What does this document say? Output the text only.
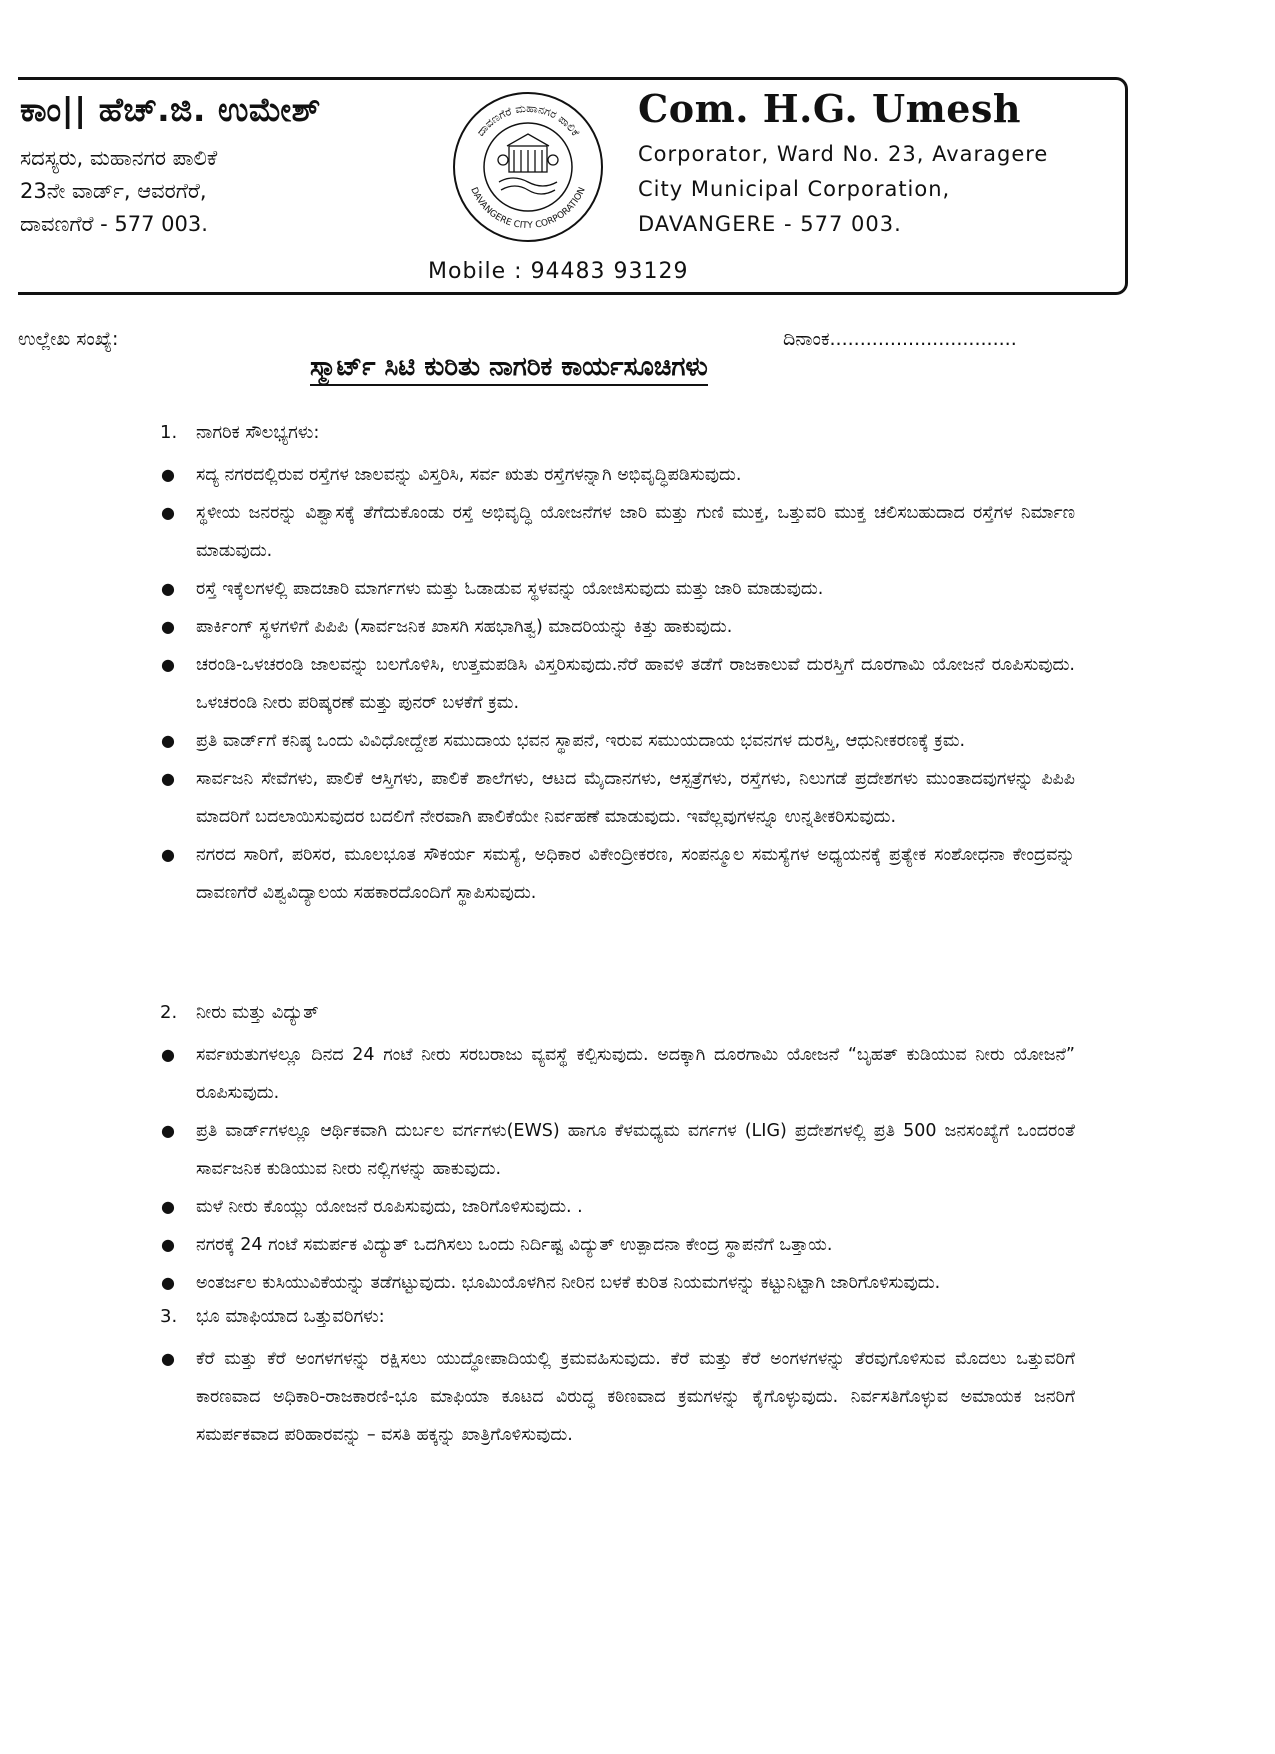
ಕಾಂ|| ಹೆಚ್.ಜಿ. ಉಮೇಶ್
ಸದಸ್ಯರು, ಮಹಾನಗರ ಪಾಲಿಕೆ
23ನೇ ವಾರ್ಡ್, ಆವರಗೆರೆ,
ದಾವಣಗೆರೆ - 577 003.
ದಾವಣಗೆರೆ ಮಹಾನಗರ ಪಾಲಿಕೆ
DAVANGERE CITY CORPORATION
Com. H.G. Umesh
Corporator, Ward No. 23, Avaragere
City Municipal Corporation,
DAVANGERE - 577 003.
Mobile : 94483 93129
ಉಲ್ಲೇಖ ಸಂಖ್ಯೆ:	ದಿನಾಂಕ...............................
ಸ್ಮಾರ್ಟ್ ಸಿಟಿ ಕುರಿತು ನಾಗರಿಕ ಕಾರ್ಯಸೂಚಿಗಳು
1. ನಾಗರಿಕ ಸೌಲಭ್ಯಗಳು:
● ಸದ್ಯ ನಗರದಲ್ಲಿರುವ ರಸ್ತೆಗಳ ಜಾಲವನ್ನು ವಿಸ್ತರಿಸಿ, ಸರ್ವ ಋತು ರಸ್ತೆಗಳನ್ನಾಗಿ ಅಭಿವೃದ್ಧಿಪಡಿಸುವುದು.
● ಸ್ಥಳೀಯ ಜನರನ್ನು ವಿಶ್ವಾಸಕ್ಕೆ ತೆಗೆದುಕೊಂಡು ರಸ್ತೆ ಅಭಿವೃದ್ಧಿ ಯೋಜನೆಗಳ ಜಾರಿ ಮತ್ತು ಗುಣಿ ಮುಕ್ತ, ಒತ್ತುವರಿ ಮುಕ್ತ ಚಲಿಸಬಹುದಾದ ರಸ್ತೆಗಳ ನಿರ್ಮಾಣ ಮಾಡುವುದು.
● ರಸ್ತೆ ಇಕ್ಕೆಲಗಳಲ್ಲಿ ಪಾದಚಾರಿ ಮಾರ್ಗಗಳು ಮತ್ತು ಓಡಾಡುವ ಸ್ಥಳವನ್ನು ಯೋಜಿಸುವುದು ಮತ್ತು ಜಾರಿ ಮಾಡುವುದು.
● ಪಾರ್ಕಿಂಗ್ ಸ್ಥಳಗಳಿಗೆ ಪಿಪಿಪಿ (ಸಾರ್ವಜನಿಕ ಖಾಸಗಿ ಸಹಭಾಗಿತ್ವ) ಮಾದರಿಯನ್ನು ಕಿತ್ತು ಹಾಕುವುದು.
● ಚರಂಡಿ-ಒಳಚರಂಡಿ ಜಾಲವನ್ನು ಬಲಗೊಳಿಸಿ, ಉತ್ತಮಪಡಿಸಿ ವಿಸ್ತರಿಸುವುದು.ನೆರೆ ಹಾವಳಿ ತಡೆಗೆ ರಾಜಕಾಲುವೆ ದುರಸ್ತಿಗೆ ದೂರಗಾಮಿ ಯೋಜನೆ ರೂಪಿಸುವುದು. ಒಳಚರಂಡಿ ನೀರು ಪರಿಷ್ಕರಣೆ ಮತ್ತು ಪುನರ್ ಬಳಕೆಗೆ ಕ್ರಮ.
● ಪ್ರತಿ ವಾರ್ಡ್‌ಗೆ ಕನಿಷ್ಠ ಒಂದು ವಿವಿಧೋದ್ದೇಶ ಸಮುದಾಯ ಭವನ ಸ್ಥಾಪನೆ, ಇರುವ ಸಮುಯದಾಯ ಭವನಗಳ ದುರಸ್ತಿ, ಆಧುನೀಕರಣಕ್ಕೆ ಕ್ರಮ.
● ಸಾರ್ವಜನಿ ಸೇವೆಗಳು, ಪಾಲಿಕೆ ಆಸ್ತಿಗಳು, ಪಾಲಿಕೆ ಶಾಲೆಗಳು, ಆಟದ ಮೈದಾನಗಳು, ಆಸ್ಪತ್ರೆಗಳು, ರಸ್ತೆಗಳು, ನಿಲುಗಡೆ ಪ್ರದೇಶಗಳು ಮುಂತಾದವುಗಳನ್ನು ಪಿಪಿಪಿ ಮಾದರಿಗೆ ಬದಲಾಯಿಸುವುದರ ಬದಲಿಗೆ ನೇರವಾಗಿ ಪಾಲಿಕೆಯೇ ನಿರ್ವಹಣೆ ಮಾಡುವುದು. ಇವೆಲ್ಲವುಗಳನ್ನೂ ಉನ್ನತೀಕರಿಸುವುದು.
● ನಗರದ ಸಾರಿಗೆ, ಪರಿಸರ, ಮೂಲಭೂತ ಸೌಕರ್ಯ ಸಮಸ್ಯೆ, ಅಧಿಕಾರ ವಿಕೇಂದ್ರೀಕರಣ, ಸಂಪನ್ಮೂಲ ಸಮಸ್ಯೆಗಳ ಅಧ್ಯಯನಕ್ಕೆ ಪ್ರತ್ಯೇಕ ಸಂಶೋಧನಾ ಕೇಂದ್ರವನ್ನು ದಾವಣಗೆರೆ ವಿಶ್ವವಿದ್ಯಾಲಯ ಸಹಕಾರದೊಂದಿಗೆ ಸ್ಥಾಪಿಸುವುದು.
2. ನೀರು ಮತ್ತು ವಿದ್ಯುತ್
● ಸರ್ವಋತುಗಳಲ್ಲೂ ದಿನದ 24 ಗಂಟೆ ನೀರು ಸರಬರಾಜು ವ್ಯವಸ್ಥೆ ಕಲ್ಪಿಸುವುದು. ಅದಕ್ಕಾಗಿ ದೂರಗಾಮಿ ಯೋಜನೆ “ಬೃಹತ್ ಕುಡಿಯುವ ನೀರು ಯೋಜನೆ” ರೂಪಿಸುವುದು.
● ಪ್ರತಿ ವಾರ್ಡ್‌ಗಳಲ್ಲೂ ಆರ್ಥಿಕವಾಗಿ ದುರ್ಬಲ ವರ್ಗಗಳು(EWS) ಹಾಗೂ ಕೆಳಮಧ್ಯಮ ವರ್ಗಗಳ (LIG) ಪ್ರದೇಶಗಳಲ್ಲಿ ಪ್ರತಿ 500 ಜನಸಂಖ್ಯೆಗೆ ಒಂದರಂತೆ ಸಾರ್ವಜನಿಕ ಕುಡಿಯುವ ನೀರು ನಲ್ಲಿಗಳನ್ನು ಹಾಕುವುದು.
● ಮಳೆ ನೀರು ಕೊಯ್ಲು ಯೋಜನೆ ರೂಪಿಸುವುದು, ಜಾರಿಗೊಳಿಸುವುದು. .
● ನಗರಕ್ಕೆ 24 ಗಂಟೆ ಸಮರ್ಪಕ ವಿದ್ಯುತ್ ಒದಗಿಸಲು ಒಂದು ನಿರ್ದಿಷ್ಟ ವಿದ್ಯುತ್ ಉತ್ಪಾದನಾ ಕೇಂದ್ರ ಸ್ಥಾಪನೆಗೆ ಒತ್ತಾಯ.
● ಅಂತರ್ಜಲ ಕುಸಿಯುವಿಕೆಯನ್ನು ತಡೆಗಟ್ಟುವುದು. ಭೂಮಿಯೊಳಗಿನ ನೀರಿನ ಬಳಕೆ ಕುರಿತ ನಿಯಮಗಳನ್ನು ಕಟ್ಟುನಿಟ್ಟಾಗಿ ಜಾರಿಗೊಳಿಸುವುದು.
3. ಭೂ ಮಾಫಿಯಾದ ಒತ್ತುವರಿಗಳು:
● ಕೆರೆ ಮತ್ತು ಕೆರೆ ಅಂಗಳಗಳನ್ನು ರಕ್ಷಿಸಲು ಯುದ್ಧೋಪಾದಿಯಲ್ಲಿ ಕ್ರಮವಹಿಸುವುದು. ಕೆರೆ ಮತ್ತು ಕೆರೆ ಅಂಗಳಗಳನ್ನು ತೆರವುಗೊಳಿಸುವ ಮೊದಲು ಒತ್ತುವರಿಗೆ ಕಾರಣವಾದ ಅಧಿಕಾರಿ-ರಾಜಕಾರಣಿ-ಭೂ ಮಾಫಿಯಾ ಕೂಟದ ವಿರುದ್ಧ ಕಠಿಣವಾದ ಕ್ರಮಗಳನ್ನು ಕೈಗೊಳ್ಳುವುದು. ನಿರ್ವಸತಿಗೊಳ್ಳುವ ಅಮಾಯಕ ಜನರಿಗೆ ಸಮರ್ಪಕವಾದ ಪರಿಹಾರವನ್ನು – ವಸತಿ ಹಕ್ಕನ್ನು ಖಾತ್ರಿಗೊಳಿಸುವುದು.
